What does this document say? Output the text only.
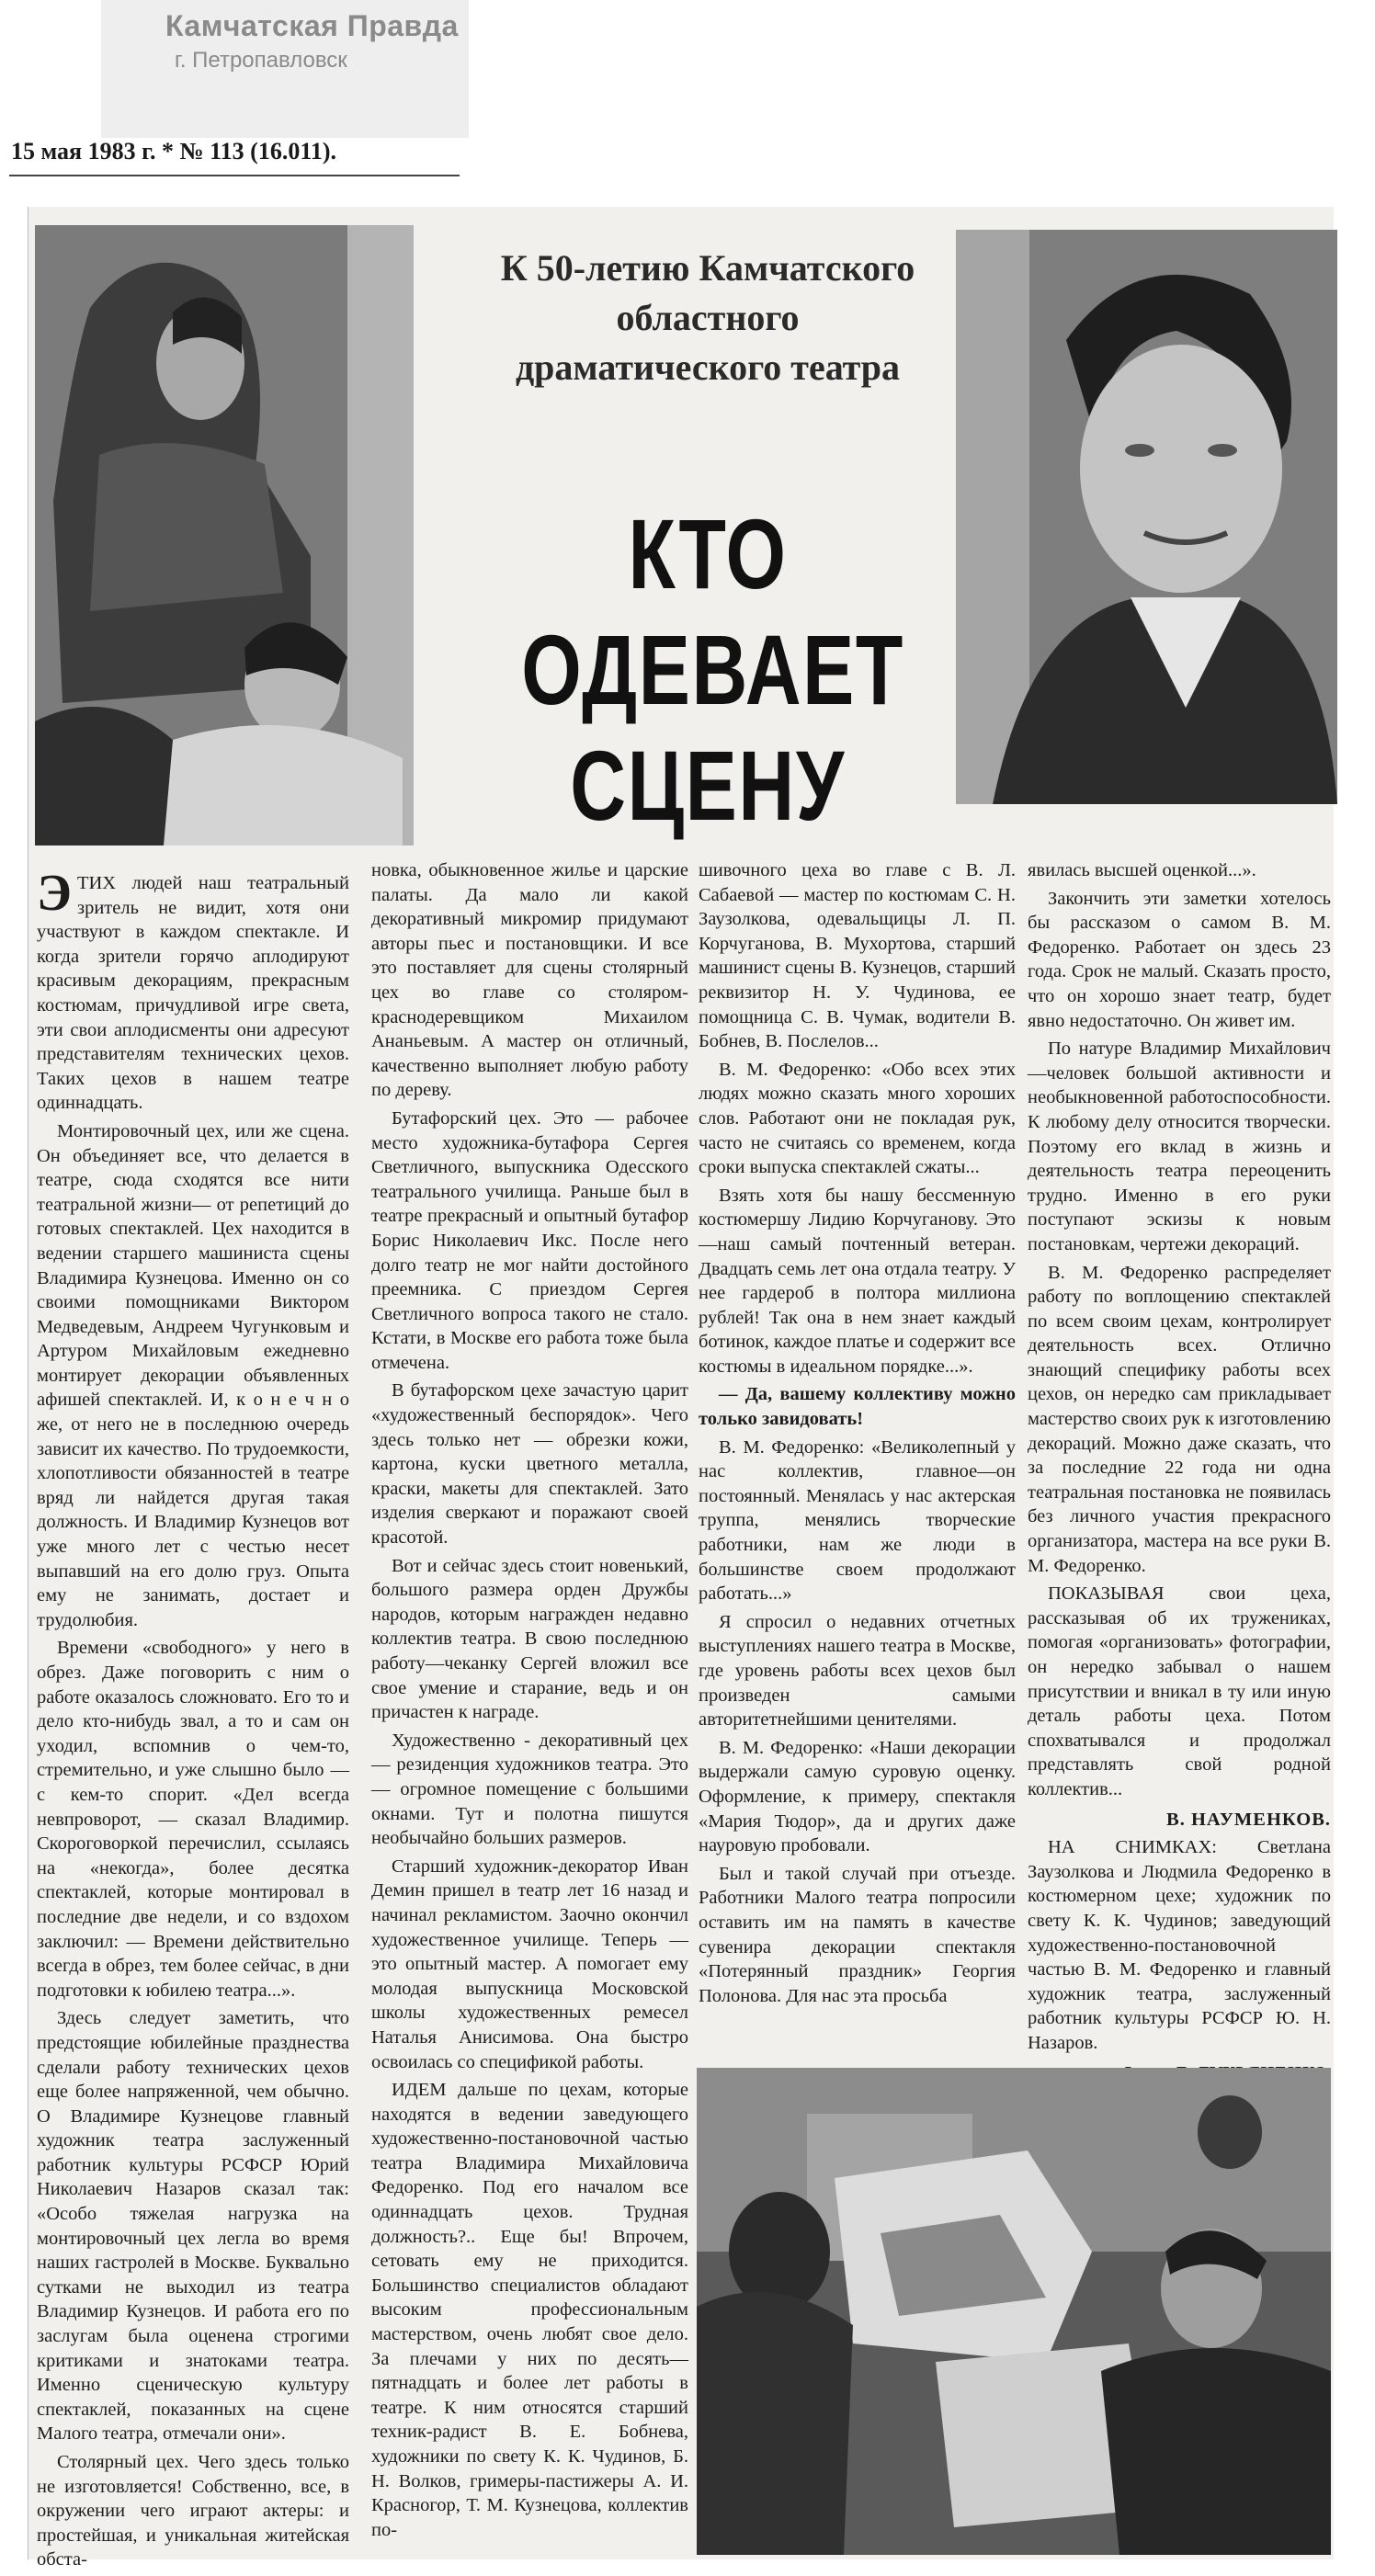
Камчатская Правда
г. Петропавловск
15 мая 1983 г. * № 113 (16.011).
К 50-летию Камчатского областного драматического театра
КТО ОДЕВАЕТ СЦЕНУ

ЭТИХ людей наш театральный зритель не видит, хотя они участвуют в каждом спектакле. И когда зрители горячо аплодируют красивым декорациям, прекрасным костюмам, причудливой игре света, эти свои аплодисменты они адресуют представителям технических цехов. Таких цехов в нашем театре одиннадцать.

Монтировочный цех, или же сцена. Он объединяет все, что делается в театре, сюда сходятся все нити театральной жизни— от репетиций до готовых спектаклей. Цех находится в ведении старшего машиниста сцены Владимира Кузнецова. Именно он со своими помощниками Виктором Медведевым, Андреем Чугунковым и Артуром Михайловым ежедневно монтирует декорации объявленных афишей спектаклей. И, к о н е ч н о же, от него не в последнюю очередь зависит их качество. По трудоемкости, хлопотливости обязанностей в театре вряд ли найдется другая такая должность. И Владимир Кузнецов вот уже много лет с честью несет выпавший на его долю груз. Опыта ему не занимать, достает и трудолюбия.

Времени «свободного» у него в обрез. Даже поговорить с ним о работе оказалось сложновато. Его то и дело кто-нибудь звал, а то и сам он уходил, вспомнив о чем-то, стремительно, и уже слышно было — с кем-то спорит. «Дел всегда невпроворот, — сказал Владимир. Скороговоркой перечислил, ссылаясь на «некогда», более десятка спектаклей, которые монтировал в последние две недели, и со вздохом заключил: — Времени действительно всегда в обрез, тем более сейчас, в дни подготовки к юбилею театра...».

Здесь следует заметить, что предстоящие юбилейные празднества сделали работу технических цехов еще более напряженной, чем обычно. О Владимире Кузнецове главный художник театра заслуженный работник культуры РСФСР Юрий Николаевич Назаров сказал так: «Особо тяжелая нагрузка на монтировочный цех легла во время наших гастролей в Москве. Буквально сутками не выходил из театра Владимир Кузнецов. И работа его по заслугам была оценена строгими критиками и знатоками театра. Именно сценическую культуру спектаклей, показанных на сцене Малого театра, отмечали они».

Столярный цех. Чего здесь только не изготовляется! Собственно, все, в окружении чего играют актеры: и простейшая, и уникальная житейская обста-

новка, обыкновенное жилье и царские палаты. Да мало ли какой декоративный микромир придумают авторы пьес и постановщики. И все это поставляет для сцены столярный цех во главе со столяром-краснодеревщиком Михаилом Ананьевым. А мастер он отличный, качественно выполняет любую работу по дереву.

Бутафорский цех. Это — рабочее место художника-бутафора Сергея Светличного, выпускника Одесского театрального училища. Раньше был в театре прекрасный и опытный бутафор Борис Николаевич Икс. После него долго театр не мог найти достойного преемника. С приездом Сергея Светличного вопроса такого не стало. Кстати, в Москве его работа тоже была отмечена.

В бутафорском цехе зачастую царит «художественный беспорядок». Чего здесь только нет — обрезки кожи, картона, куски цветного металла, краски, макеты для спектаклей. Зато изделия сверкают и поражают своей красотой.

Вот и сейчас здесь стоит новенький, большого размера орден Дружбы народов, которым награжден недавно коллектив театра. В свою последнюю работу—чеканку Сергей вложил все свое умение и старание, ведь и он причастен к награде.

Художественно - декоративный цех — резиденция художников театра. Это — огромное помещение с большими окнами. Тут и полотна пишутся необычайно больших размеров.

Старший художник-декоратор Иван Демин пришел в театр лет 16 назад и начинал рекламистом. Заочно окончил художественное училище. Теперь — это опытный мастер. А помогает ему молодая выпускница Московской школы художественных ремесел Наталья Анисимова. Она быстро освоилась со спецификой работы.

ИДЕМ дальше по цехам, которые находятся в ведении заведующего художественно-постановочной частью театра Владимира Михайловича Федоренко. Под его началом все одиннадцать цехов. Трудная должность?.. Еще бы! Впрочем, сетовать ему не приходится. Большинство специалистов обладают высоким профессиональным мастерством, очень любят свое дело. За плечами у них по десять—пятнадцать и более лет работы в театре. К ним относятся старший техник-радист В. Е. Бобнева, художники по свету К. К. Чудинов, Б. Н. Волков, гримеры-пастижеры А. И. Красногор, Т. М. Кузнецова, коллектив по-

шивочного цеха во главе с В. Л. Сабаевой — мастер по костюмам С. Н. Заузолкова, одевальщицы Л. П. Корчуганова, В. Мухортова, старший машинист сцены В. Кузнецов, старший реквизитор Н. У. Чудинова, ее помощница С. В. Чумак, водители В. Бобнев, В. Послелов...

В. М. Федоренко: «Обо всех этих людях можно сказать много хороших слов. Работают они не покладая рук, часто не считаясь со временем, когда сроки выпуска спектаклей сжаты...

Взять хотя бы нашу бессменную костюмершу Лидию Корчуганову. Это—наш самый почтенный ветеран. Двадцать семь лет она отдала театру. У нее гардероб в полтора миллиона рублей! Так она в нем знает каждый ботинок, каждое платье и содержит все костюмы в идеальном порядке...».

— Да, вашему коллективу можно только завидовать!

В. М. Федоренко: «Великолепный у нас коллектив, главное—он постоянный. Менялась у нас актерская труппа, менялись творческие работники, нам же люди в большинстве своем продолжают работать...»

Я спросил о недавних отчетных выступлениях нашего театра в Москве, где уровень работы всех цехов был произведен самыми авторитетнейшими ценителями.

В. М. Федоренко: «Наши декорации выдержали самую суровую оценку. Оформление, к примеру, спектакля «Мария Тюдор», да и других даже науровую пробовали.

Был и такой случай при отъезде. Работники Малого театра попросили оставить им на память в качестве сувенира декорации спектакля «Потерянный праздник» Георгия Полонова. Для нас эта просьба

явилась высшей оценкой...».

Закончить эти заметки хотелось бы рассказом о самом В. М. Федоренко. Работает он здесь 23 года. Срок не малый. Сказать просто, что он хорошо знает театр, будет явно недостаточно. Он живет им.

По натуре Владимир Михайлович—человек большой активности и необыкновенной работоспособности. К любому делу относится творчески. Поэтому его вклад в жизнь и деятельность театра переоценить трудно. Именно в его руки поступают эскизы к новым постановкам, чертежи декораций.

В. М. Федоренко распределяет работу по воплощению спектаклей по всем своим цехам, контролирует деятельность всех. Отлично знающий специфику работы всех цехов, он нередко сам прикладывает мастерство своих рук к изготовлению декораций. Можно даже сказать, что за последние 22 года ни одна театральная постановка не появилась без личного участия прекрасного организатора, мастера на все руки В. М. Федоренко.

ПОКАЗЫВАЯ свои цеха, рассказывая об их тружениках, помогая «организовать» фотографии, он нередко забывал о нашем присутствии и вникал в ту или иную деталь работы цеха. Потом спохватывался и продолжал представлять свой родной коллектив...

В. НАУМЕНКОВ.

НА СНИМКАХ: Светлана Заузолкова и Людмила Федоренко в костюмерном цехе; художник по свету К. К. Чудинов; заведующий художественно-постановочной частью В. М. Федоренко и главный художник театра, заслуженный работник культуры РСФСР Ю. Н. Назаров.
